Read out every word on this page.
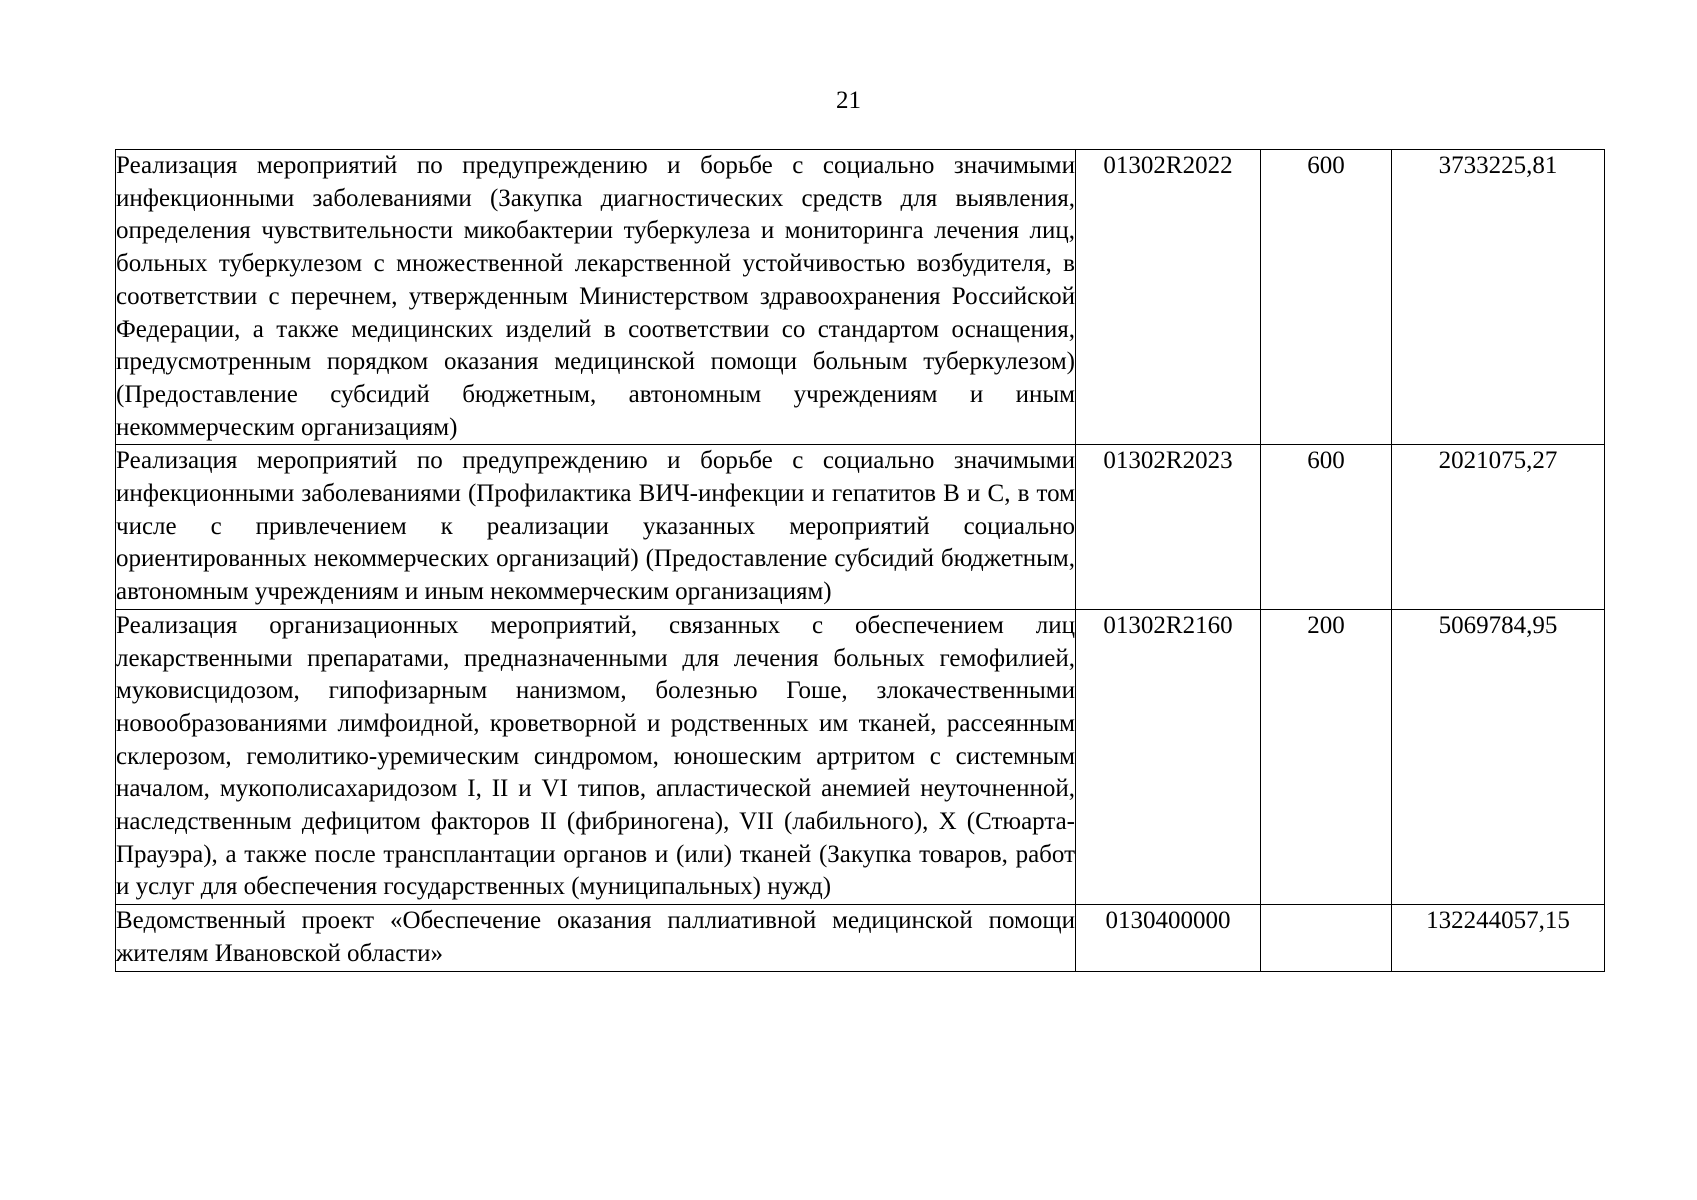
21
Реализация мероприятий по предупреждению и борьбе с социально значимыми инфекционными заболеваниями (Закупка диагностических средств для выявления, определения чувствительности микобактерии туберкулеза и мониторинга лечения лиц, больных туберкулезом с множественной лекарственной устойчивостью возбудителя, в соответствии с перечнем, утвержденным Министерством здравоохранения Российской Федерации, а также медицинских изделий в соответствии со стандартом оснащения, предусмотренным порядком оказания медицинской помощи больным туберкулезом) (Предоставление субсидий бюджетным, автономным учреждениям и иным некоммерческим организациям)	01302R2022	600	3733225,81
Реализация мероприятий по предупреждению и борьбе с социально значимыми инфекционными заболеваниями (Профилактика ВИЧ-инфекции и гепатитов B и C, в том числе с привлечением к реализации указанных мероприятий социально ориентированных некоммерческих организаций) (Предоставление субсидий бюджетным, автономным учреждениям и иным некоммерческим организациям)	01302R2023	600	2021075,27
Реализация организационных мероприятий, связанных с обеспечением лиц лекарственными препаратами, предназначенными для лечения больных гемофилией, муковисцидозом, гипофизарным нанизмом, болезнью Гоше, злокачественными новообразованиями лимфоидной, кроветворной и родственных им тканей, рассеянным склерозом, гемолитико-уремическим синдромом, юношеским артритом с системным началом, мукополисахаридозом I, II и VI типов, апластической анемией неуточненной, наследственным дефицитом факторов II (фибриногена), VII (лабильного), X (Стюарта-Прауэра), а также после трансплантации органов и (или) тканей (Закупка товаров, работ и услуг для обеспечения государственных (муниципальных) нужд)	01302R2160	200	5069784,95
Ведомственный проект «Обеспечение оказания паллиативной медицинской помощи жителям Ивановской области»	0130400000		132244057,15
